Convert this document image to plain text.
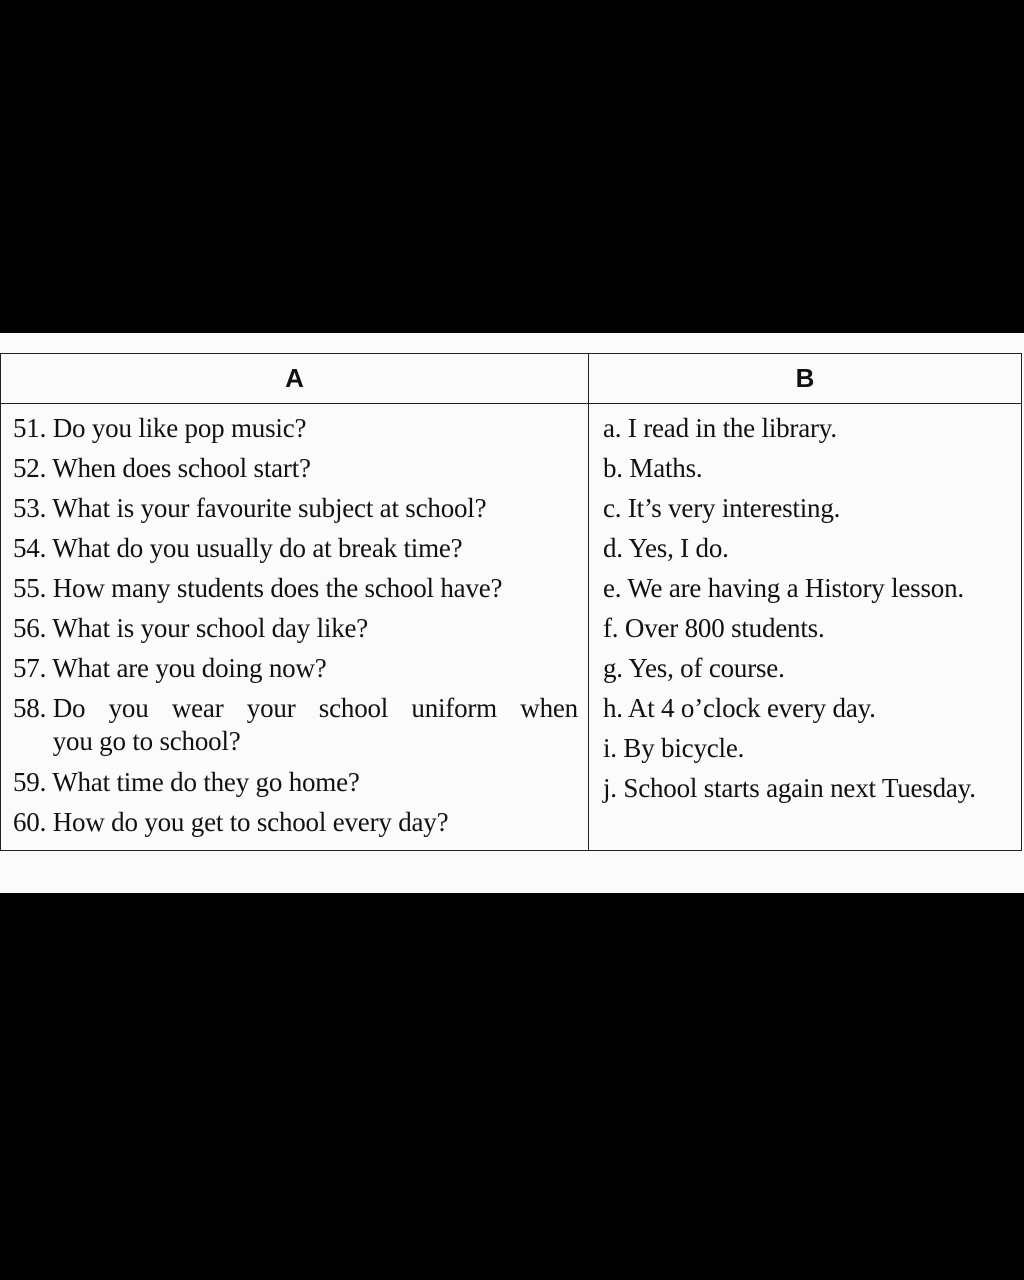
A	B
51. Do you like pop music?
52. When does school start?
53. What is your favourite subject at school?
54. What do you usually do at break time?
55. How many students does the school have?
56. What is your school day like?
57. What are you doing now?
58.
Do you wear your school uniform when
you go to school?
59. What time do they go home?
60. How do you get to school every day?
a. I read in the library.
b. Maths.
c. It’s very interesting.
d. Yes, I do.
e. We are having a History lesson.
f. Over 800 students.
g. Yes, of course.
h. At 4 o’clock every day.
i. By bicycle.
j. School starts again next Tuesday.
